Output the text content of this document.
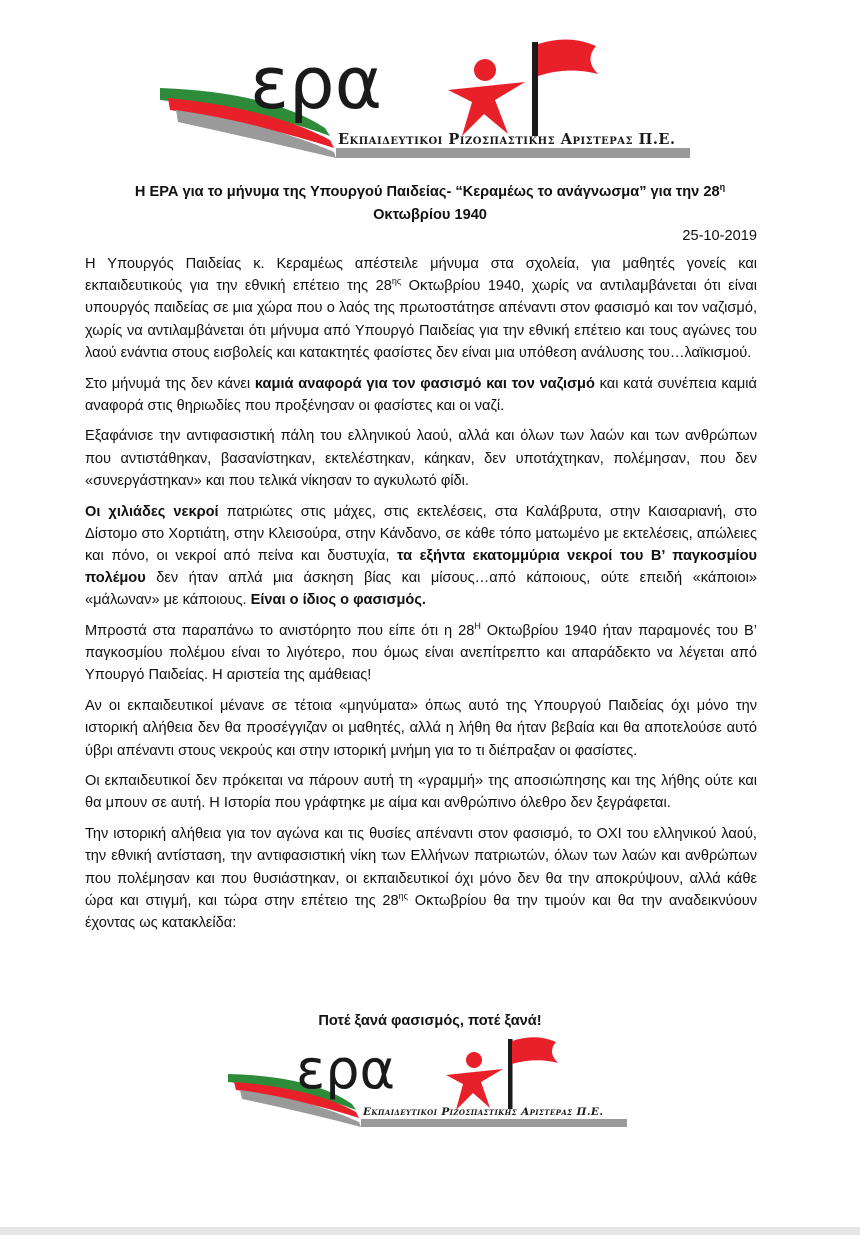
ερα
Εκπαιδευτικοι Ριζοσπαστικης Αριστερας Π.Ε.
Η ΕΡΑ για το μήνυμα της Υπουργού Παιδείας- “Κεραμέως το ανάγνωσμα” για την $28^\eta$
Οκτωβρίου 1940
25-10-2019

Η Υπουργός Παιδείας κ. Κεραμέως απέστειλε μήνυμα στα σχολεία, για μαθητές γονείς και εκπαιδευτικούς για την εθνική επέτειο της $28^{\eta\varsigma}$ Οκτωβρίου 1940, χωρίς να αντιλαμβάνεται ότι είναι υπουργός παιδείας σε μια χώρα που ο λαός της πρωτοστάτησε απέναντι στον φασισμό και τον ναζισμό, χωρίς να αντιλαμβάνεται ότι μήνυμα από Υπουργό Παιδείας για την εθνική επέτειο και τους αγώνες του λαού ενάντια στους εισβολείς και κατακτητές φασίστες δεν είναι μια υπόθεση ανάλυσης του…λαϊκισμού.

Στο μήνυμά της δεν κάνει καμιά αναφορά για τον φασισμό και τον ναζισμό και κατά συνέπεια καμιά αναφορά στις θηριωδίες που προξένησαν οι φασίστες και οι ναζί.

Εξαφάνισε την αντιφασιστική πάλη του ελληνικού λαού, αλλά και όλων των λαών και των ανθρώπων που αντιστάθηκαν, βασανίστηκαν, εκτελέστηκαν, κάηκαν, δεν υποτάχτηκαν, πολέμησαν, που δεν «συνεργάστηκαν» και που τελικά νίκησαν το αγκυλωτό φίδι.

Οι χιλιάδες νεκροί πατριώτες στις μάχες, στις εκτελέσεις, στα Καλάβρυτα, στην Καισαριανή, στο Δίστομο στο Χορτιάτη, στην Κλεισούρα, στην Κάνδανο, σε κάθε τόπο ματωμένο με εκτελέσεις, απώλειες και πόνο, οι νεκροί από πείνα και δυστυχία, τα εξήντα εκατομμύρια νεκροί του Β’ παγκοσμίου πολέμου δεν ήταν απλά μια άσκηση βίας και μίσους…από κάποιους, ούτε επειδή «κάποιοι» «μάλωναν» με κάποιους. Είναι ο ίδιος ο φασισμός.

Μπροστά στα παραπάνω το ανιστόρητο που είπε ότι η $28^H$ Οκτωβρίου 1940 ήταν παραμονές του Β’ παγκοσμίου πολέμου είναι το λιγότερο, που όμως είναι ανεπίτρεπτο και απαράδεκτο να λέγεται από Υπουργό Παιδείας. Η αριστεία της αμάθειας!

Αν οι εκπαιδευτικοί μένανε σε τέτοια «μηνύματα» όπως αυτό της Υπουργού Παιδείας όχι μόνο την ιστορική αλήθεια δεν θα προσέγγιζαν οι μαθητές, αλλά η λήθη θα ήταν βεβαία και θα αποτελούσε αυτό ύβρι απέναντι στους νεκρούς και στην ιστορική μνήμη για το τι διέπραξαν οι φασίστες.

Οι εκπαιδευτικοί δεν πρόκειται να πάρουν αυτή τη «γραμμή» της αποσιώπησης και της λήθης ούτε και θα μπουν σε αυτή. Η Ιστορία που γράφτηκε με αίμα και ανθρώπινο όλεθρο δεν ξεγράφεται.

Την ιστορική αλήθεια για τον αγώνα και τις θυσίες απέναντι στον φασισμό, το ΟΧΙ του ελληνικού λαού, την εθνική αντίσταση, την αντιφασιστική νίκη των Ελλήνων πατριωτών, όλων των λαών και ανθρώπων που πολέμησαν και που θυσιάστηκαν, οι εκπαιδευτικοί όχι μόνο δεν θα την αποκρύψουν, αλλά κάθε ώρα και στιγμή, και τώρα στην επέτειο της $28^{\eta\varsigma}$ Οκτωβρίου θα την τιμούν και θα την αναδεικνύουν έχοντας ως κατακλείδα:

Ποτέ ξανά φασισμός, ποτέ ξανά!
ερα
Εκπαιδευτικοι Ριζοσπαστικης Αριστερας Π.Ε.
